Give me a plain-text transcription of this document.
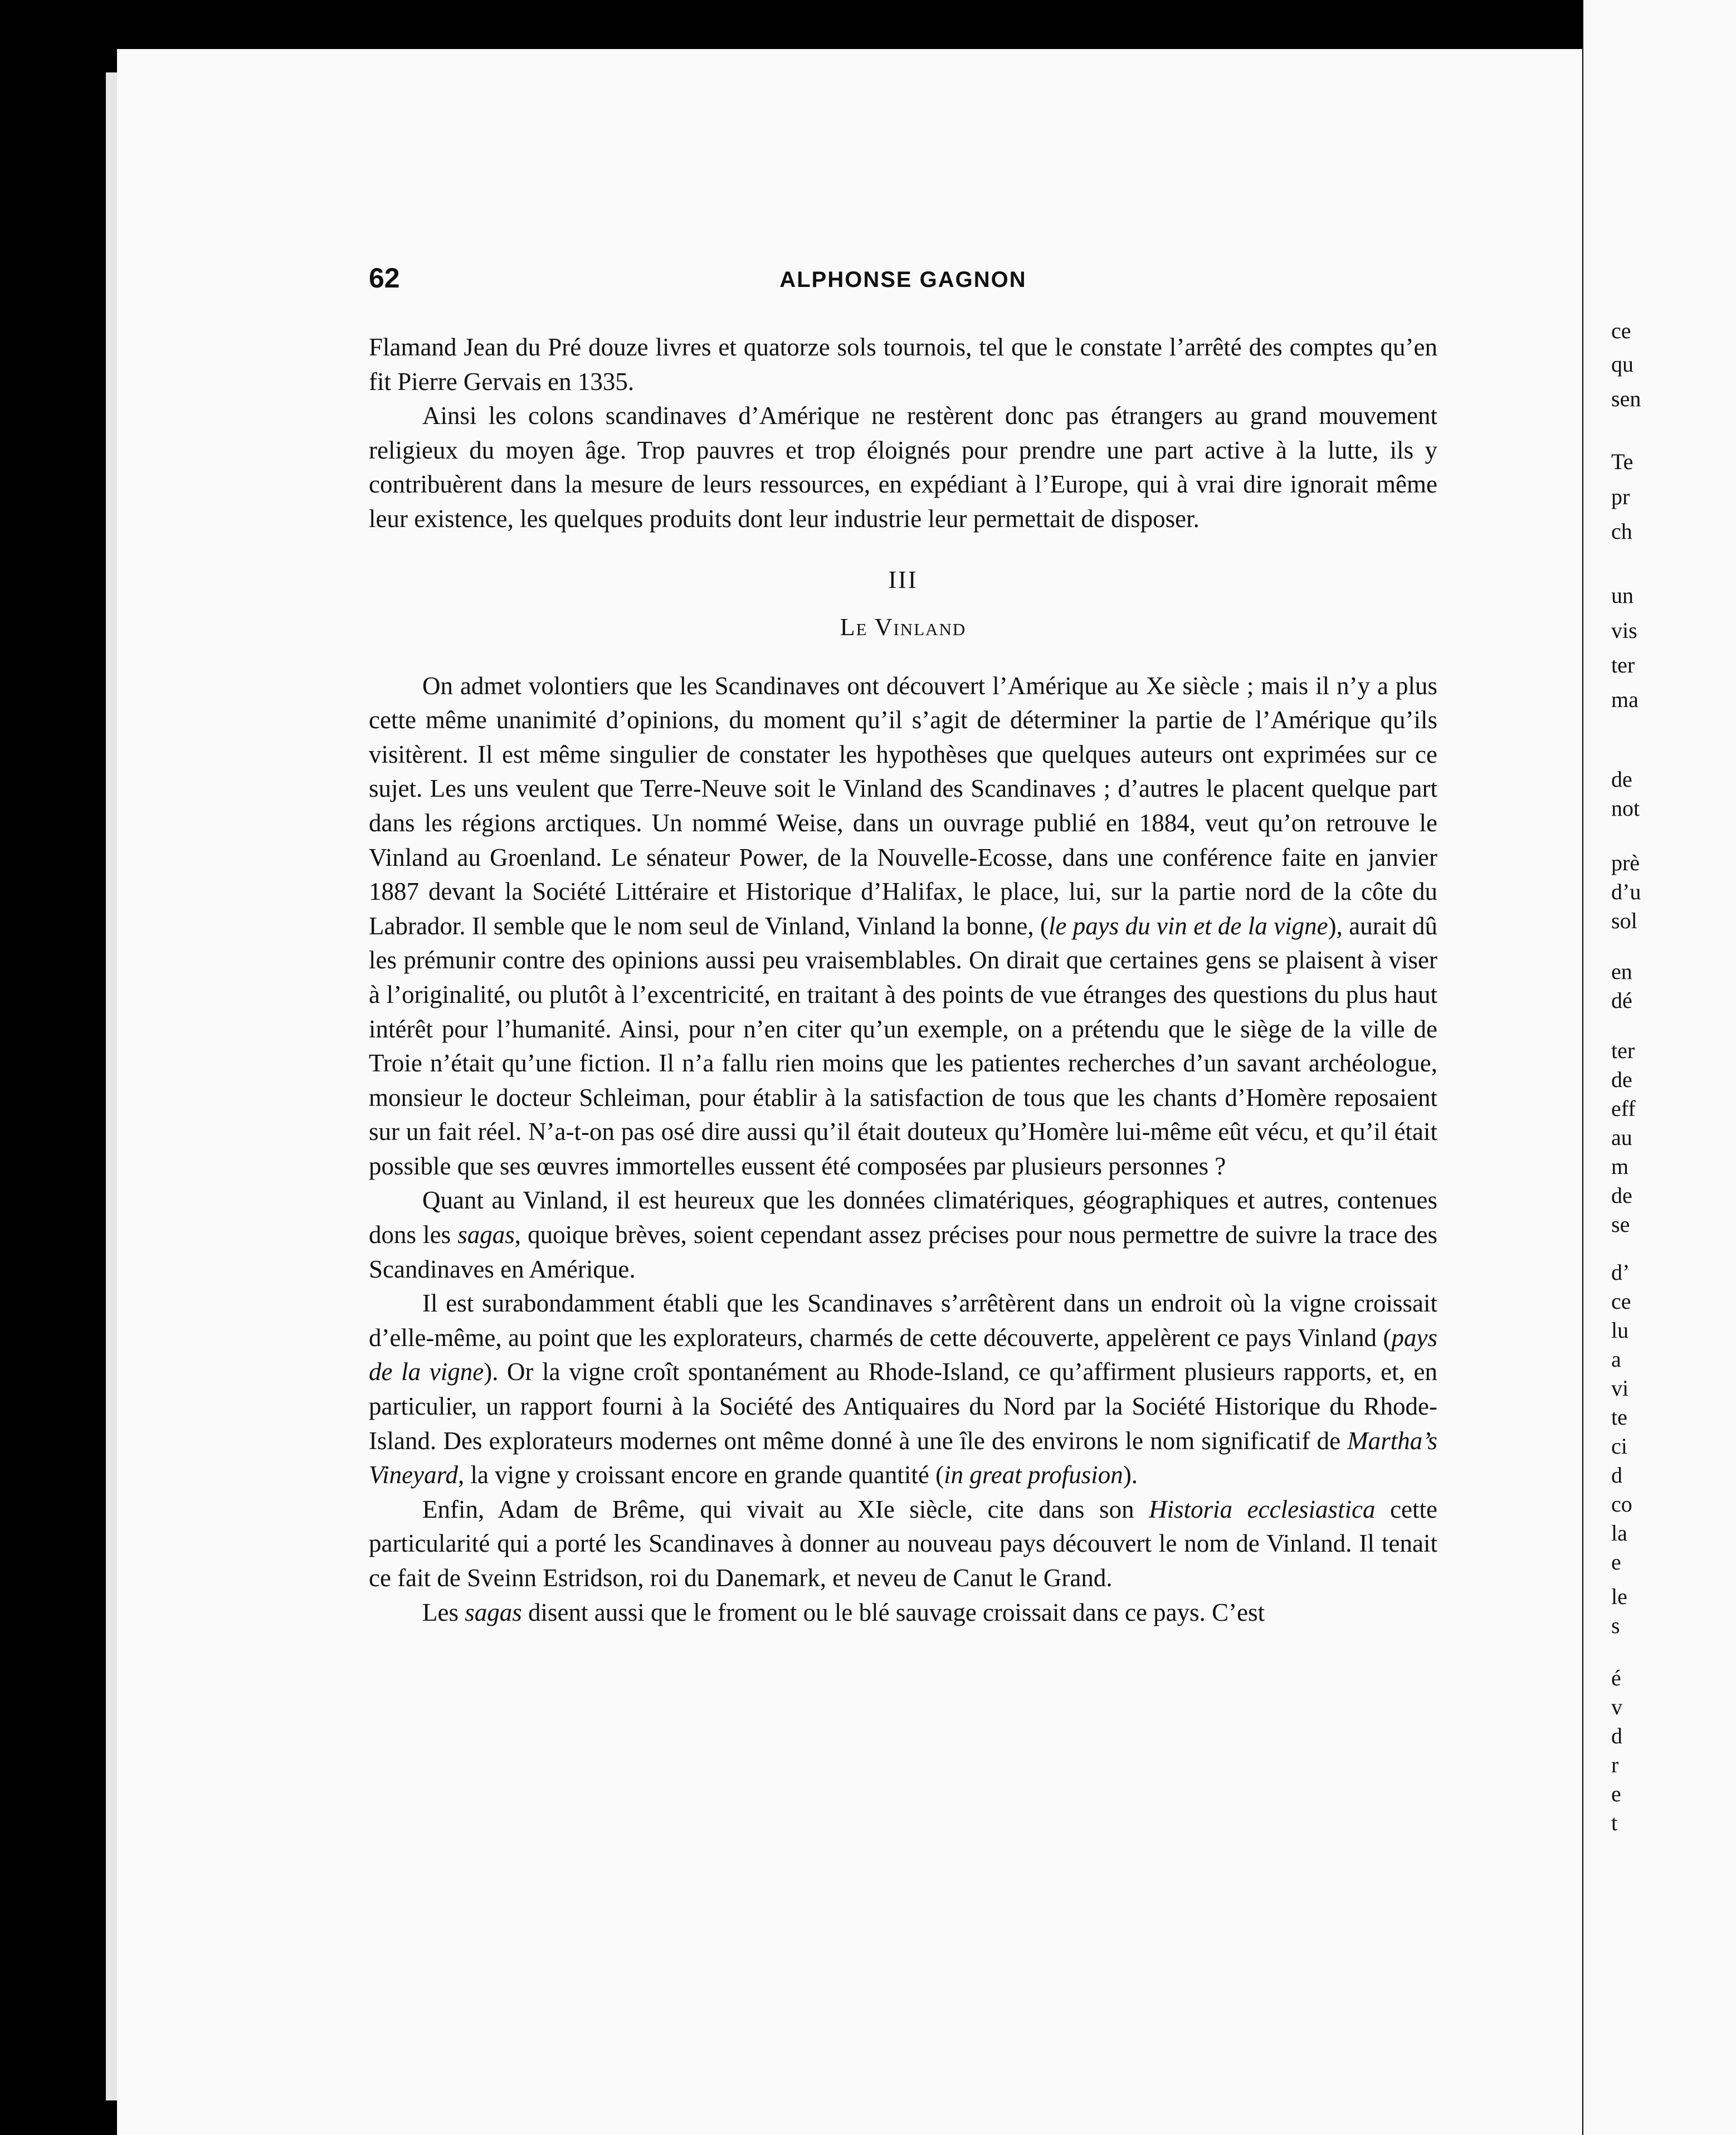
ce
qu
sen
Te
pr
ch
un
vis
ter
ma
de
not
prè
d’u
sol
en
dé
ter
de
eff
au
m
de
se
d’
ce
lu
a
vi
te
ci
d
co
la
e
le
s
é
v
d
r
e
t
62	ALPHONSE GAGNON

Flamand Jean du Pré douze livres et quatorze sols tournois, tel que le constate l’arrêté des comptes qu’en fit Pierre Gervais en 1335.

Ainsi les colons scandinaves d’Amérique ne restèrent donc pas étrangers au grand mouvement religieux du moyen âge. Trop pauvres et trop éloignés pour prendre une part active à la lutte, ils y contribuèrent dans la mesure de leurs ressources, en expédiant à l’Europe, qui à vrai dire ignorait même leur existence, les quelques produits dont leur industrie leur permettait de disposer.

III
Le Vinland

On admet volontiers que les Scandinaves ont découvert l’Amérique au Xe siècle ; mais il n’y a plus cette même unanimité d’opinions, du moment qu’il s’agit de déterminer la partie de l’Amérique qu’ils visitèrent. Il est même singulier de constater les hypothèses que quelques auteurs ont exprimées sur ce sujet. Les uns veulent que Terre-Neuve soit le Vinland des Scandinaves ; d’autres le placent quelque part dans les régions arctiques. Un nommé Weise, dans un ouvrage publié en 1884, veut qu’on retrouve le Vinland au Groenland. Le sénateur Power, de la Nouvelle-Ecosse, dans une conférence faite en janvier 1887 devant la Société Littéraire et Historique d’Halifax, le place, lui, sur la partie nord de la côte du Labrador. Il semble que le nom seul de Vinland, Vinland la bonne, (le pays du vin et de la vigne), aurait dû les prémunir contre des opinions aussi peu vraisemblables. On dirait que certaines gens se plaisent à viser à l’originalité, ou plutôt à l’excentricité, en traitant à des points de vue étranges des questions du plus haut intérêt pour l’humanité. Ainsi, pour n’en citer qu’un exemple, on a prétendu que le siège de la ville de Troie n’était qu’une fiction. Il n’a fallu rien moins que les patientes recherches d’un savant archéologue, monsieur le docteur Schleiman, pour établir à la satisfaction de tous que les chants d’Homère reposaient sur un fait réel. N’a-t-on pas osé dire aussi qu’il était douteux qu’Homère lui-même eût vécu, et qu’il était possible que ses œuvres immortelles eussent été composées par plusieurs personnes ?

Quant au Vinland, il est heureux que les données climatériques, géographiques et autres, contenues dons les sagas, quoique brèves, soient cependant assez précises pour nous permettre de suivre la trace des Scandinaves en Amérique.

Il est surabondamment établi que les Scandinaves s’arrêtèrent dans un endroit où la vigne croissait d’elle-même, au point que les explorateurs, charmés de cette découverte, appelèrent ce pays Vinland (pays de la vigne). Or la vigne croît spontanément au Rhode-Island, ce qu’affirment plusieurs rapports, et, en particulier, un rapport fourni à la Société des Antiquaires du Nord par la Société Historique du Rhode-Island. Des explorateurs modernes ont même donné à une île des environs le nom significatif de Martha’s Vineyard, la vigne y croissant encore en grande quantité (in great profusion).

Enfin, Adam de Brême, qui vivait au XIe siècle, cite dans son Historia ecclesiastica cette particularité qui a porté les Scandinaves à donner au nouveau pays découvert le nom de Vinland. Il tenait ce fait de Sveinn Estridson, roi du Danemark, et neveu de Canut le Grand.

Les sagas disent aussi que le froment ou le blé sauvage croissait dans ce pays. C’est
